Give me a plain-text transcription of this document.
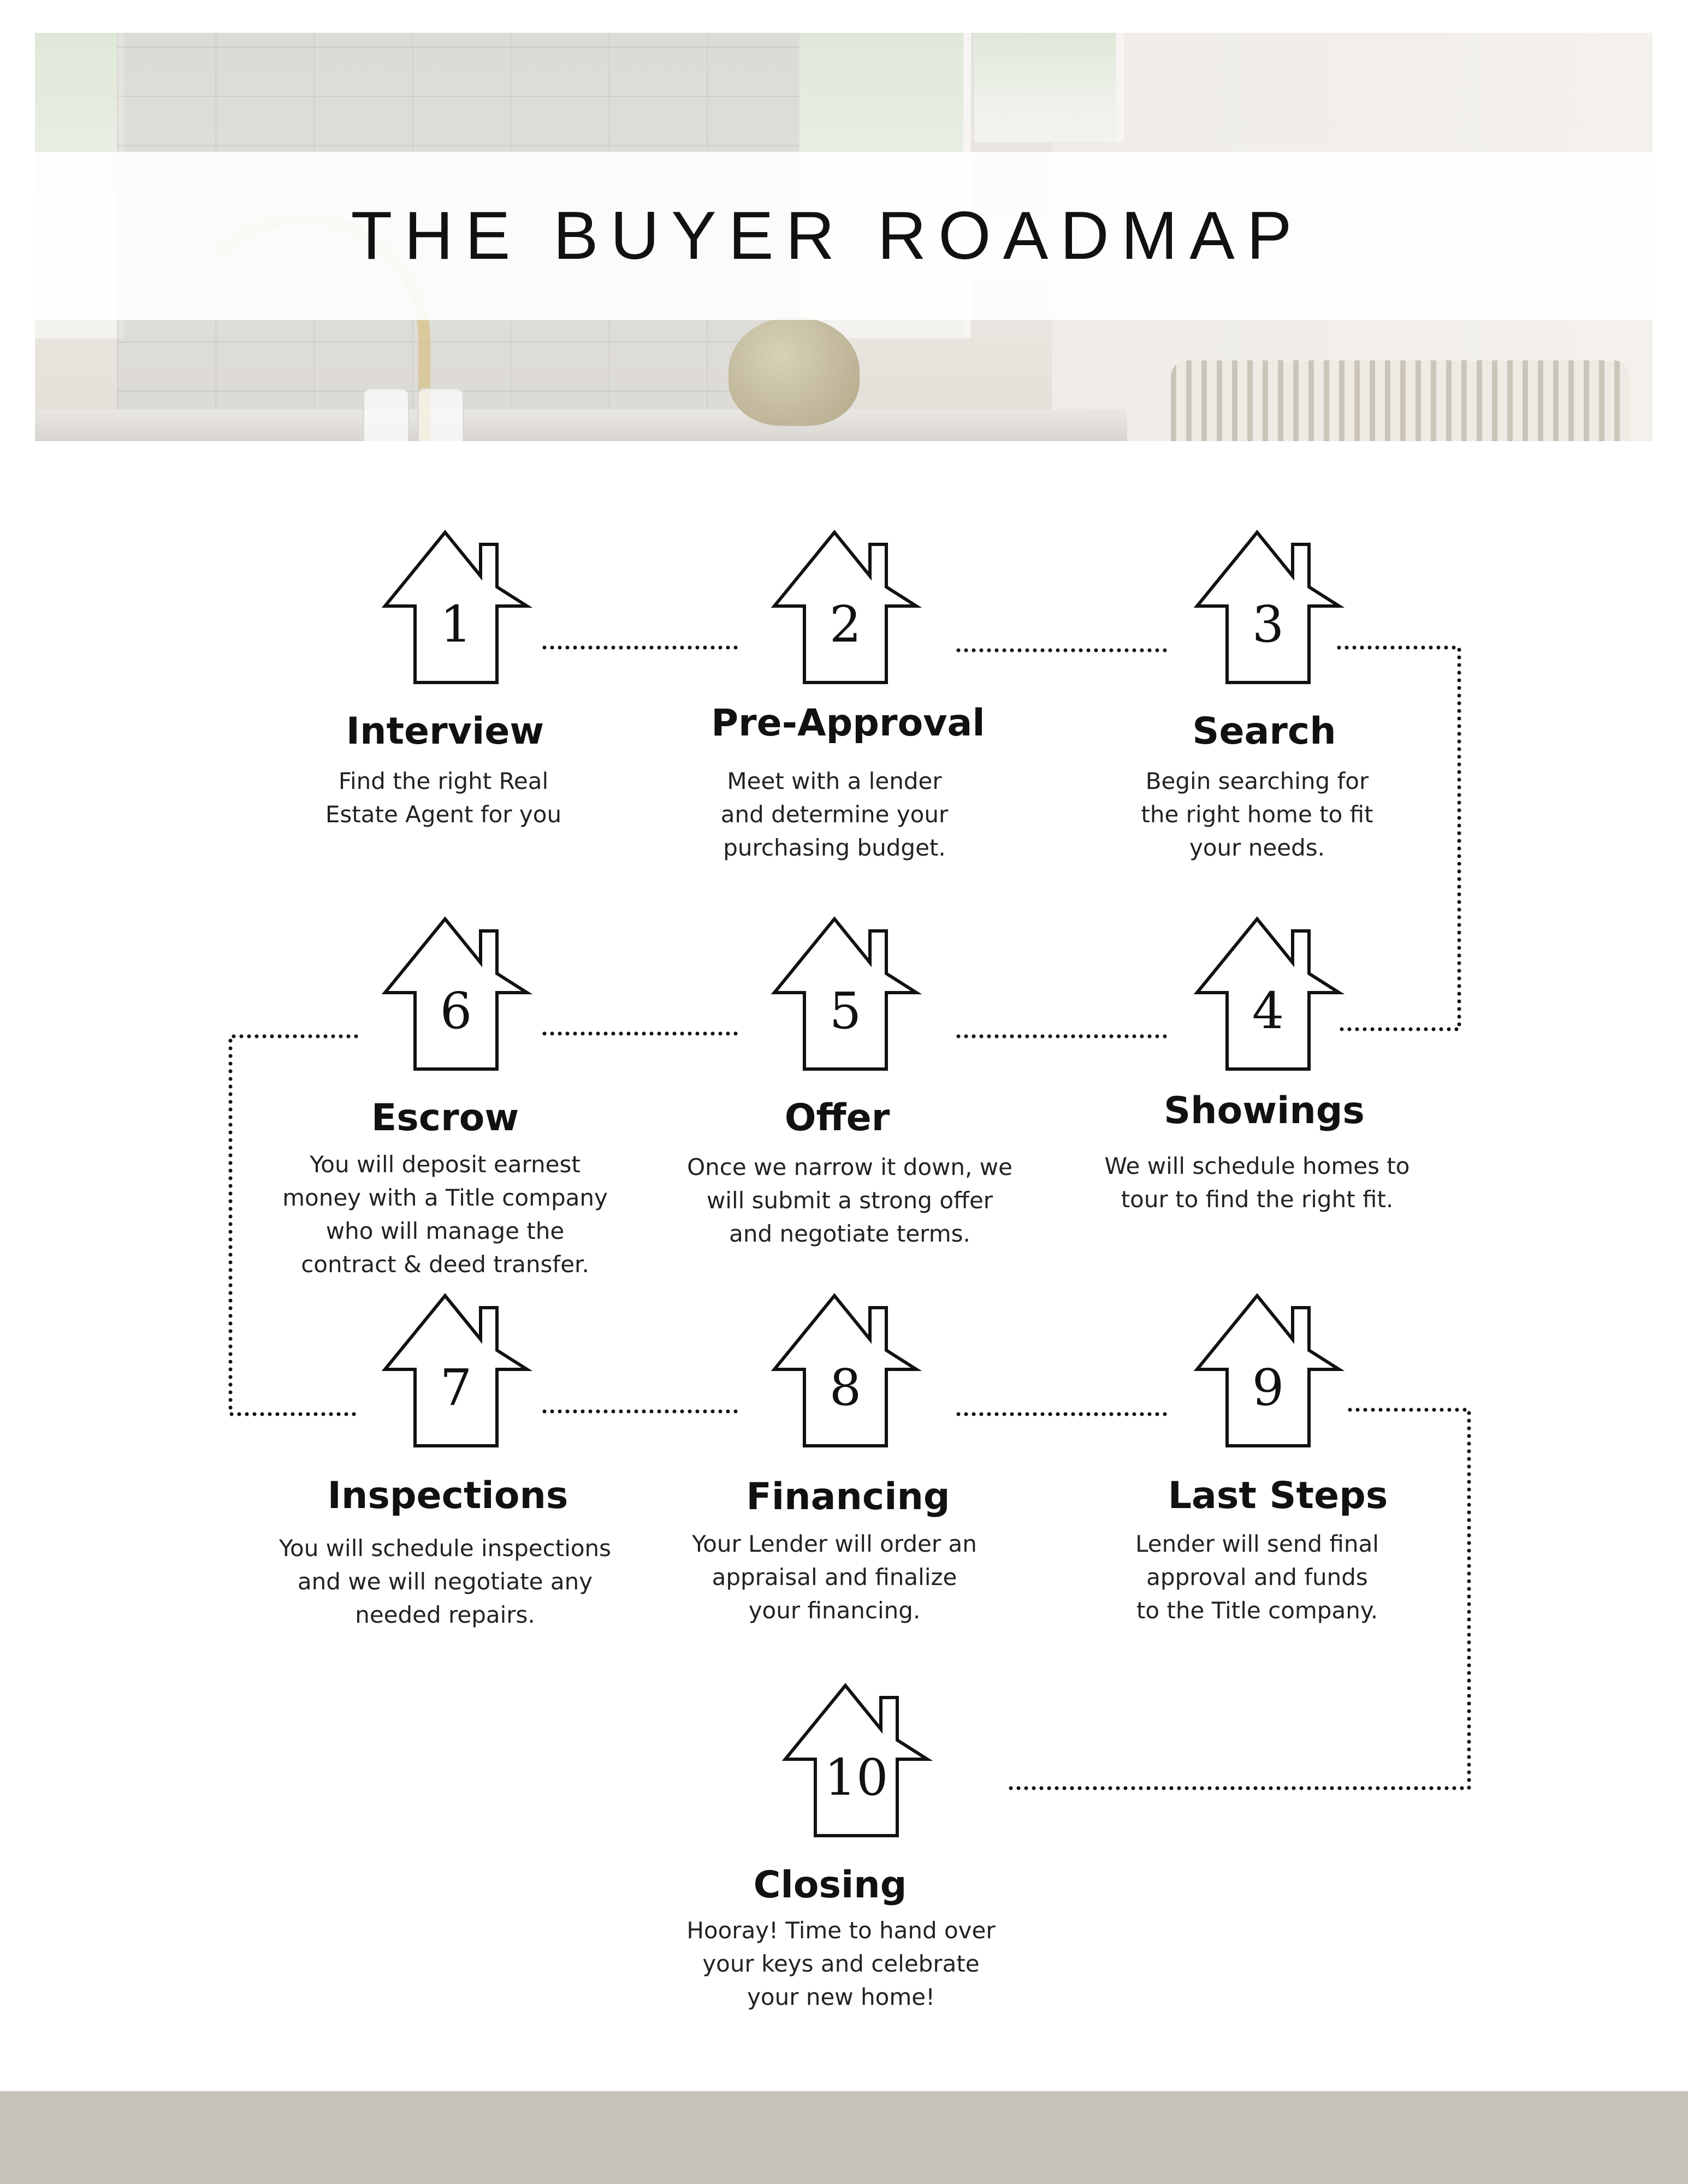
THE BUYER ROADMAP
1	2	3
4
5
6
7	8	9
10
Interview
Find the right Real
Estate Agent for you
Pre-Approval
Meet with a lender
and determine your
purchasing budget.
Search
Begin searching for
the right home to fit
your needs.
Showings
We will schedule homes to
tour to find the right fit.
Offer
Once we narrow it down, we
will submit a strong offer
and negotiate terms.
Escrow
You will deposit earnest
money with a Title company
who will manage the
contract & deed transfer.
Inspections
You will schedule inspections
and we will negotiate any
needed repairs.
Financing
Your Lender will order an
appraisal and finalize
your financing.
Last Steps
Lender will send final
approval and funds
to the Title company.
Closing
Hooray! Time to hand over
your keys and celebrate
your new home!
